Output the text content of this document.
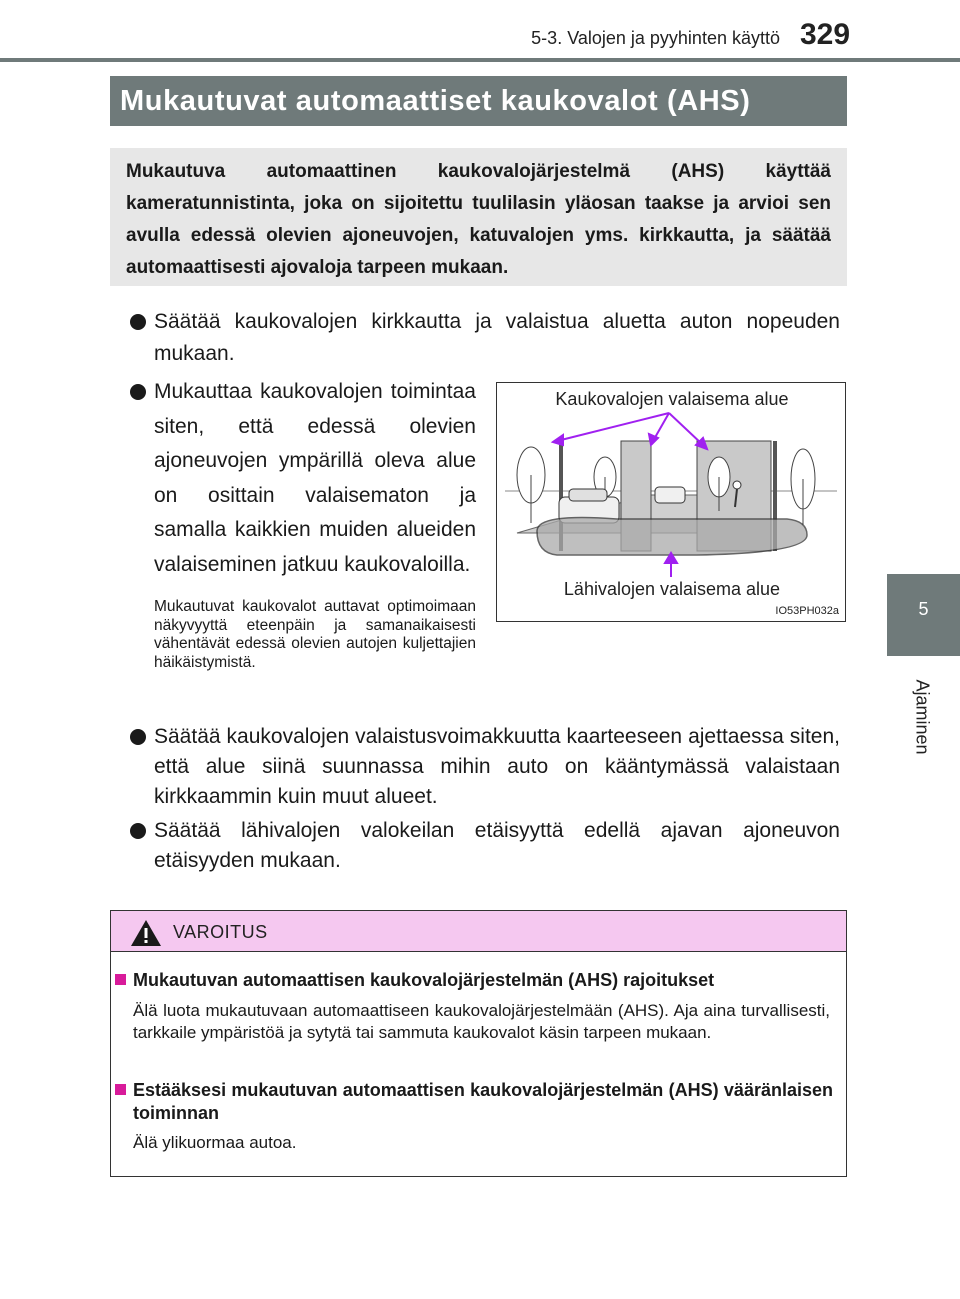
5-3. Valojen ja pyyhinten käyttö 329
5
Ajaminen
Mukautuvat automaattiset kaukovalot (AHS)
Mukautuva automaattinen kaukovalojärjestelmä (AHS) käyttää kameratunnistinta, joka on sijoitettu tuulilasin yläosan taakse ja arvioi sen avulla edessä olevien ajoneuvojen, katuvalojen yms. kirkkautta, ja säätää automaattisesti ajovaloja tarpeen mukaan.
Säätää kaukovalojen kirkkautta ja valaistua aluetta auton nopeuden mukaan.
Mukauttaa kaukovalojen toimintaa siten, että edessä olevien ajoneuvojen ympärillä oleva alue on osittain valaisematon ja samalla kaikkien muiden alueiden valaiseminen jatkuu kaukovaloilla.
Mukautuvat kaukovalot auttavat optimoimaan näkyvyyttä eteenpäin ja samanaikaisesti vähentävät edessä olevien autojen kuljettajien häikäistymistä.
Kaukovalojen valaisema alue
Lähivalojen valaisema alue
IO53PH032a
Säätää kaukovalojen valaistusvoimakkuutta kaarteeseen ajettaessa siten, että alue siinä suunnassa mihin auto on kääntymässä valaistaan kirkkaammin kuin muut alueet.
Säätää lähivalojen valokeilan etäisyyttä edellä ajavan ajoneuvon etäisyyden mukaan.
VAROITUS
Mukautuvan automaattisen kaukovalojärjestelmän (AHS) rajoitukset
Älä luota mukautuvaan automaattiseen kaukovalojärjestelmään (AHS). Aja aina turvallisesti, tarkkaile ympäristöä ja sytytä tai sammuta kaukovalot käsin tarpeen mukaan.
Estääksesi mukautuvan automaattisen kaukovalojärjestelmän (AHS) vääränlaisen toiminnan
Älä ylikuormaa autoa.
